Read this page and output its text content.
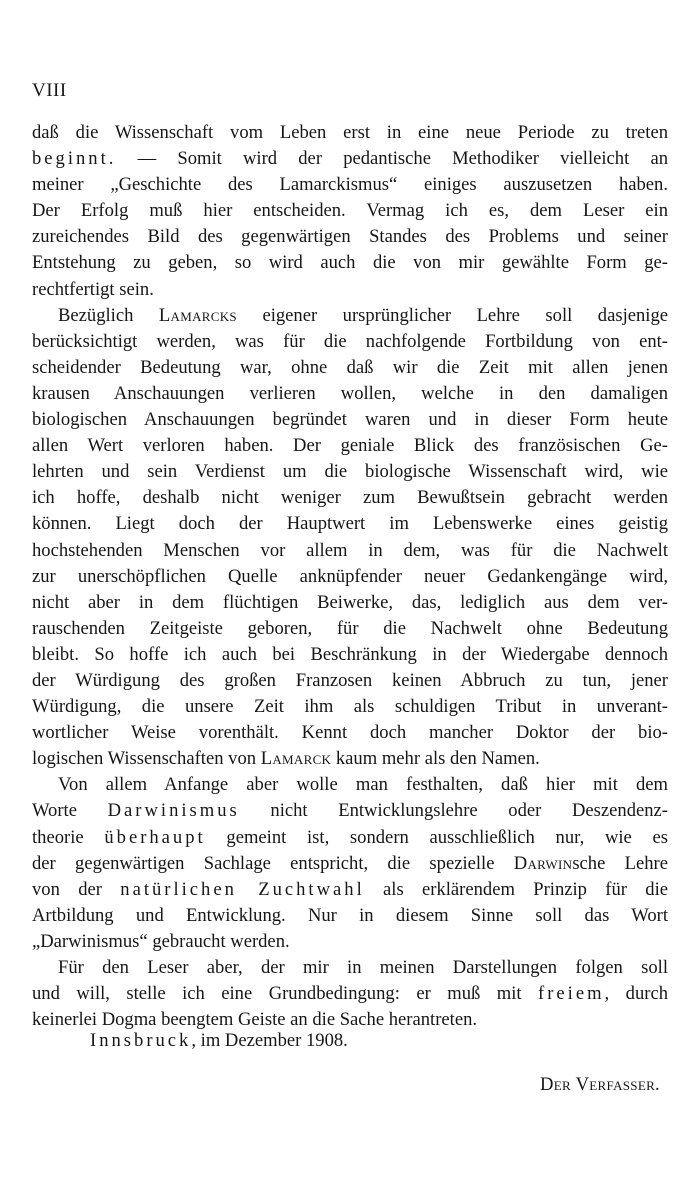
VIII
daß die Wissenschaft vom Leben erst in eine neue Periode zu treten
beginnt. — Somit wird der pedantische Methodiker vielleicht an
meiner „Geschichte des Lamarckismus“ einiges auszusetzen haben.
Der Erfolg muß hier entscheiden. Vermag ich es, dem Leser ein
zureichendes Bild des gegenwärtigen Standes des Problems und seiner
Entstehung zu geben, so wird auch die von mir gewählte Form ge-
rechtfertigt sein.
Bezüglich Lamarcks eigener ursprünglicher Lehre soll dasjenige
berücksichtigt werden, was für die nachfolgende Fortbildung von ent-
scheidender Bedeutung war, ohne daß wir die Zeit mit allen jenen
krausen Anschauungen verlieren wollen, welche in den damaligen
biologischen Anschauungen begründet waren und in dieser Form heute
allen Wert verloren haben. Der geniale Blick des französischen Ge-
lehrten und sein Verdienst um die biologische Wissenschaft wird, wie
ich hoffe, deshalb nicht weniger zum Bewußtsein gebracht werden
können. Liegt doch der Hauptwert im Lebenswerke eines geistig
hochstehenden Menschen vor allem in dem, was für die Nachwelt
zur unerschöpflichen Quelle anknüpfender neuer Gedankengänge wird,
nicht aber in dem flüchtigen Beiwerke, das, lediglich aus dem ver-
rauschenden Zeitgeiste geboren, für die Nachwelt ohne Bedeutung
bleibt. So hoffe ich auch bei Beschränkung in der Wiedergabe dennoch
der Würdigung des großen Franzosen keinen Abbruch zu tun, jener
Würdigung, die unsere Zeit ihm als schuldigen Tribut in unverant-
wortlicher Weise vorenthält. Kennt doch mancher Doktor der bio-
logischen Wissenschaften von Lamarck kaum mehr als den Namen.
Von allem Anfange aber wolle man festhalten, daß hier mit dem
Worte Darwinismus nicht Entwicklungslehre oder Deszendenz-
theorie überhaupt gemeint ist, sondern ausschließlich nur, wie es
der gegenwärtigen Sachlage entspricht, die spezielle Darwinsche Lehre
von der natürlichen Zuchtwahl als erklärendem Prinzip für die
Artbildung und Entwicklung. Nur in diesem Sinne soll das Wort
„Darwinismus“ gebraucht werden.
Für den Leser aber, der mir in meinen Darstellungen folgen soll
und will, stelle ich eine Grundbedingung: er muß mit freiem, durch
keinerlei Dogma beengtem Geiste an die Sache herantreten.
Innsbruck, im Dezember 1908.
Der Verfasser.
